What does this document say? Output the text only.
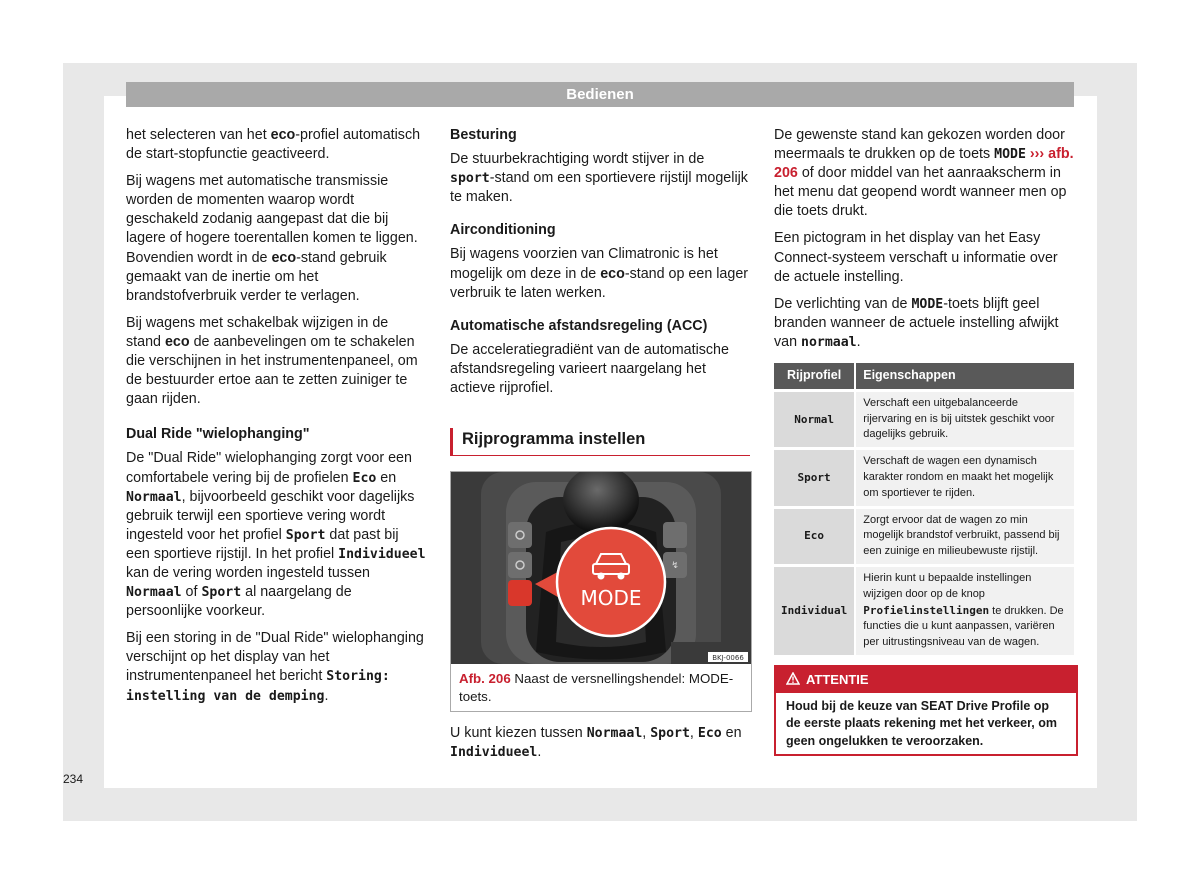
Bedienen

het selecteren van het eco-profiel automatisch de start-stopfunctie geactiveerd.

Bij wagens met automatische transmissie worden de momenten waarop wordt geschakeld zodanig aangepast dat die bij lagere of hogere toerentallen komen te liggen. Bovendien wordt in de eco-stand gebruik gemaakt van de inertie om het brandstofverbruik verder te verlagen.

Bij wagens met schakelbak wijzigen in de stand eco de aanbevelingen om te schakelen die verschijnen in het instrumentenpaneel, om de bestuurder ertoe aan te zetten zuiniger te gaan rijden.

Dual Ride "wielophanging"

De "Dual Ride" wielophanging zorgt voor een comfortabele vering bij de profielen Eco en Normaal, bijvoorbeeld geschikt voor dagelijks gebruik terwijl een sportieve vering wordt ingesteld voor het profiel Sport dat past bij een sportieve rijstijl. In het profiel Individueel kan de vering worden ingesteld tussen Normaal of Sport al naargelang de persoonlijke voorkeur.

Bij een storing in de "Dual Ride" wielophanging verschijnt op het display van het instrumentenpaneel het bericht Storing: instelling van de demping.

Besturing

De stuurbekrachtiging wordt stijver in de sport-stand om een sportievere rijstijl mogelijk te maken.

Airconditioning

Bij wagens voorzien van Climatronic is het mogelijk om deze in de eco-stand op een lager verbruik te laten werken.

Automatische afstandsregeling (ACC)

De acceleratiegradiënt van de automatische afstandsregeling varieert naargelang het actieve rijprofiel.

Rijprogramma instellen
↯
MODE
BKJ-0066
Afb. 206 Naast de versnellingshendel: MODE-toets.

U kunt kiezen tussen Normaal, Sport, Eco en Individueel.

De gewenste stand kan gekozen worden door meermaals te drukken op de toets MODE ››› afb. 206 of door middel van het aanraakscherm in het menu dat geopend wordt wanneer men op die toets drukt.

Een pictogram in het display van het Easy Connect-systeem verschaft u informatie over de actuele instelling.

De verlichting van de MODE-toets blijft geel branden wanneer de actuele instelling afwijkt van normaal.

Rijprofiel	Eigenschappen
Normal	Verschaft een uitgebalanceerde rijervaring en is bij uitstek geschikt voor dagelijks gebruik.
Sport	Verschaft de wagen een dynamisch karakter rondom en maakt het mogelijk om sportiever te rijden.
Eco	Zorgt ervoor dat de wagen zo min mogelijk brandstof verbruikt, passend bij een zuinige en milieubewuste rijstijl.
Individual	Hierin kunt u bepaalde instellingen wijzigen door op de knop Profielinstellingen te drukken. De functies die u kunt aanpassen, variëren per uitrustingsniveau van de wagen.
ATTENTIE
Houd bij de keuze van SEAT Drive Profile op de eerste plaats rekening met het verkeer, om geen ongelukken te veroorzaken.
234
